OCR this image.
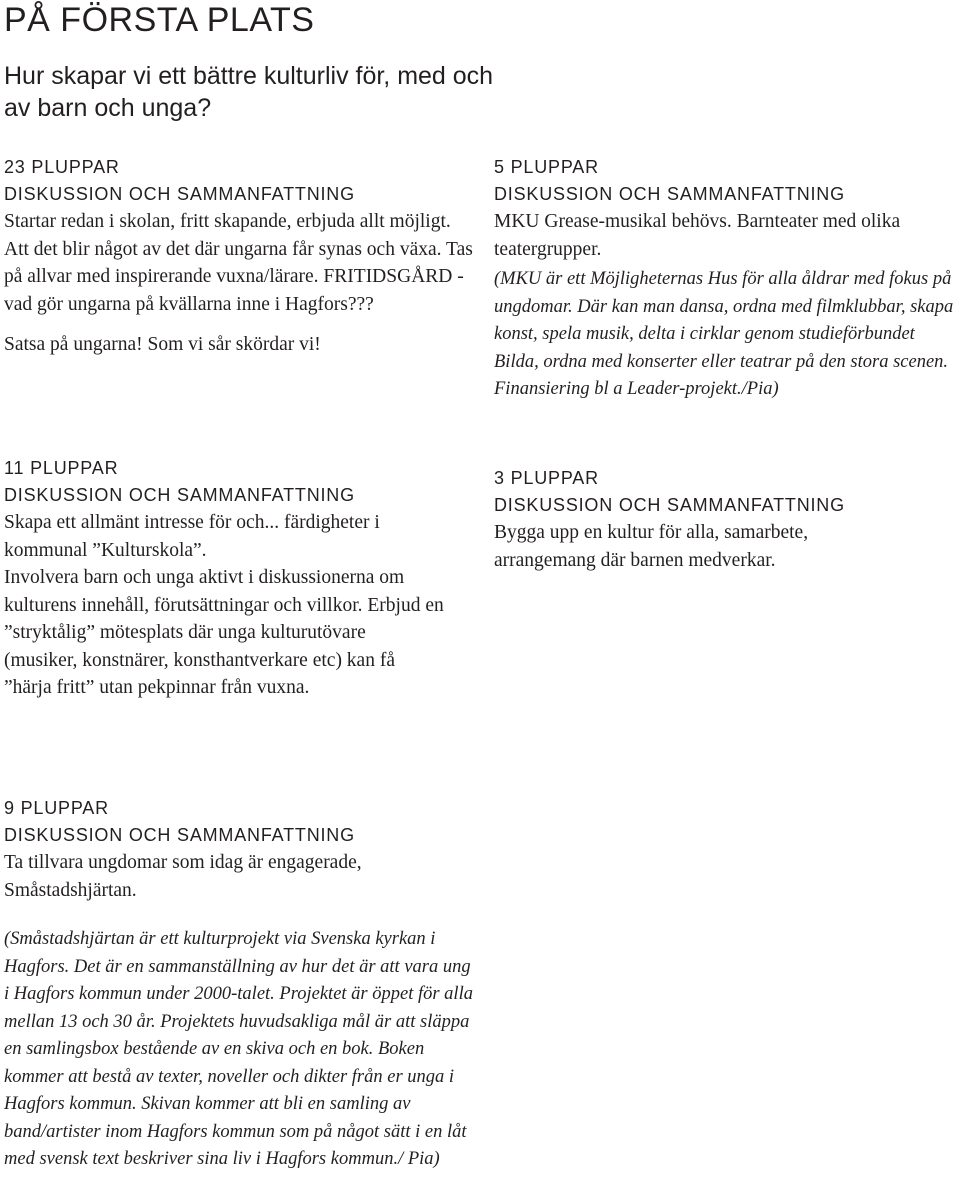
PÅ FÖRSTA PLATS

Hur skapar vi ett bättre kulturliv för, med och av barn och unga?

23 PLUPPAR
DISKUSSION OCH SAMMANFATTNING

Startar redan i skolan, fritt skapande, erbjuda allt möjligt. Att det blir något av det där ungarna får synas och växa. Tas på allvar med inspirerande vuxna/lärare. FRITIDSGÅRD - vad gör ungarna på kvällarna inne i Hagfors???

Satsa på ungarna! Som vi sår skördar vi!

5 PLUPPAR
DISKUSSION OCH SAMMANFATTNING

MKU Grease-musikal behövs. Barnteater med olika teatergrupper.

(MKU är ett Möjligheternas Hus för alla åldrar med fokus på ungdomar. Där kan man dansa, ordna med filmklubbar, skapa konst, spela musik, delta i cirklar genom studieförbundet Bilda, ordna med konserter eller teatrar på den stora scenen. Finansiering bl a Leader-projekt./Pia)

11 PLUPPAR
DISKUSSION OCH SAMMANFATTNING

Skapa ett allmänt intresse för och... färdigheter i kommunal ”Kulturskola”.

Involvera barn och unga aktivt i diskussionerna om kulturens innehåll, förutsättningar och villkor. Erbjud en ”stryktålig” mötesplats där unga kulturutövare (musiker, konstnärer, konsthantverkare etc) kan få ”härja fritt” utan pekpinnar från vuxna.

3 PLUPPAR
DISKUSSION OCH SAMMANFATTNING

Bygga upp en kultur för alla, samarbete, arrangemang där barnen medverkar.

9 PLUPPAR
DISKUSSION OCH SAMMANFATTNING

Ta tillvara ungdomar som idag är engagerade, Småstadshjärtan.

(Småstadshjärtan är ett kulturprojekt via Svenska kyrkan i Hagfors. Det är en sammanställning av hur det är att vara ung i Hagfors kommun under 2000-talet. Projektet är öppet för alla mellan 13 och 30 år. Projektets huvudsakliga mål är att släppa en samlingsbox bestående av en skiva och en bok. Boken kommer att bestå av texter, noveller och dikter från er unga i Hagfors kommun. Skivan kommer att bli en samling av band/artister inom Hagfors kommun som på något sätt i en låt med svensk text beskriver sina liv i Hagfors kommun./ Pia)
